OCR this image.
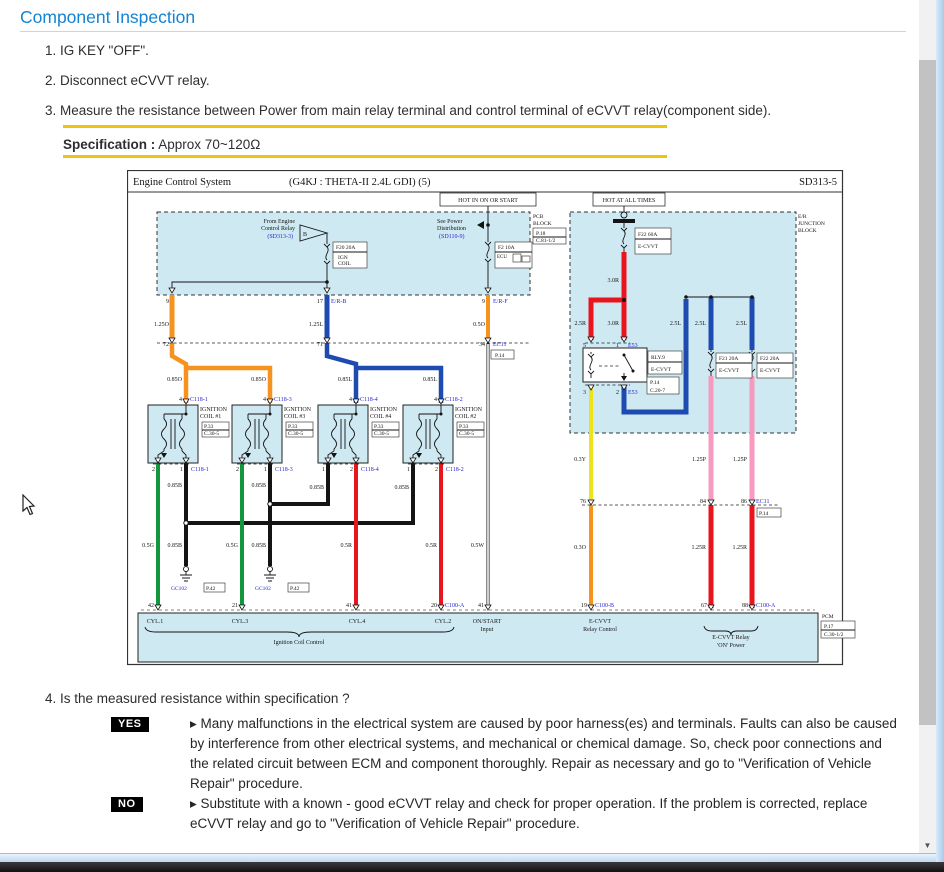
Component Inspection
1. IG KEY "OFF".
2. Disconnect eCVVT relay.
3. Measure the resistance between Power from main relay terminal and control terminal of eCVVT relay(component side).
Specification : Approx 70~120Ω
Engine Control System	(G4KJ : THETA-II 2.4L GDI) (5)	SD313-5
HOT IN ON OR START	HOT AT ALL TIMES
PCB
BLOCK
P.18
C.81-1/2
E/R
JUNCTION
BLOCK
From Engine
Control Relay
(SD313-3) B
F20 20A
IGN
COIL
See Power
Distribution
(SD110-9)
F2 10A
ECU
9	17 E/R-B	9 E/R-F
1.25O	1.25L	0.5O
72	71	34 EC11
P.14
0.85O	0.85O	0.85L	0.85L
4 C118-1	4 C118-3	4 C118-4	4 C118-2
IGNITION
COIL #1
P.33
C.30-5
IGNITION
COIL #3
P.33
C.30-5
IGNITION
COIL #4
P.33
C.30-5
IGNITION
COIL #2
P.33
C.30-5
2	1 C118-1	2	1 C118-3	1	2 C118-4	1	2 C118-2
0.85B	0.85B	0.85B	0.85B
0.5G 0.85B	0.5G 0.85B	0.5R	0.5R	0.5W
GC102	P.42	GC102	P.42
42	21	41	20 C100-A 41	19 C100-B	67	88 C100-A
CYL.1	CYL.3	CYL.4	CYL.2
Ignition Coil Control
ON/START
Input
E-CVVT
Relay Control
E-CVVT Relay
'ON' Power
PCM
P.17
C.30-1/2
F22 60A
E-CVVT
3.0R
2.5R	3.0R	2.5L 2.5L	2.5L
5	1 E53
RLY.9
E-CVVT
P.14
C.20-7
3	2 E53
F21 20A
E-CVVT
F22 20A
E-CVVT
0.3Y	1.25P	1.25P
76	84	86 EC11
P.14
0.3O	1.25R	1.25R
4. Is the measured resistance within specification ?
YES	▸ Many malfunctions in the electrical system are caused by poor harness(es) and terminals. Faults can also be caused by interference from other electrical systems, and mechanical or chemical damage. So, check poor connections and the related circuit between ECM and component thoroughly. Repair as necessary and go to "Verification of Vehicle Repair" procedure.
NO	▸ Substitute with a known - good eCVVT relay and check for proper operation. If the problem is corrected, replace eCVVT relay and go to "Verification of Vehicle Repair" procedure.
▼
